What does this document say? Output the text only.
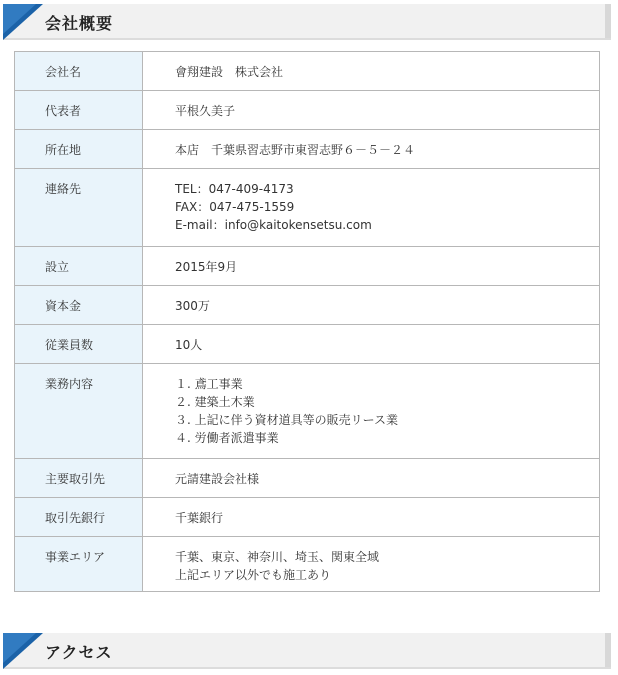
会社概要
会社名	會翔建設　株式会社

代表者	平根久美子

所在地	本店　千葉県習志野市東習志野６－５－２４

連絡先	TEL：047-409-4173
FAX：047-475-1559
E-mail：info@kaitokensetsu.com

設立	2015年9月

資本金	300万

従業員数	10人

業務内容	１. 鳶工事業
２. 建築土木業
３. 上記に伴う資材道具等の販売リース業
４. 労働者派遣事業

主要取引先	元請建設会社様

取引先銀行	千葉銀行

事業エリア	千葉、東京、神奈川、埼玉、関東全域
上記エリア以外でも施工あり
アクセス
